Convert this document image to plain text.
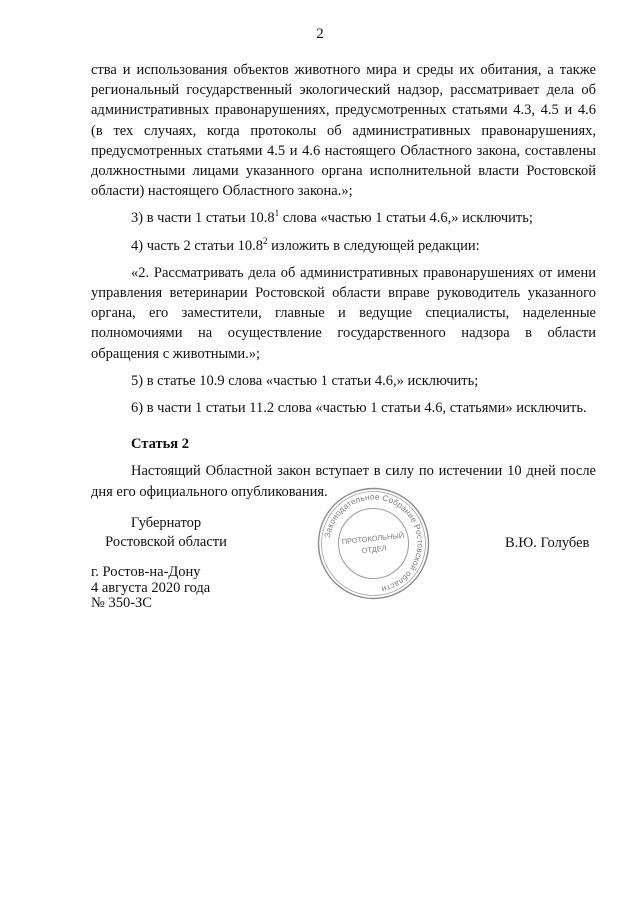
2

ства и использования объектов животного мира и среды их обитания, а также региональный государственный экологический надзор, рассматривает дела об административных правонарушениях, предусмотренных статьями 4.3, 4.5 и 4.6 (в тех случаях, когда протоколы об административных правонарушениях, предусмотренных статьями 4.5 и 4.6 настоящего Областного закона, составлены должностными лицами указанного органа исполнительной власти Ростовской области) настоящего Областного закона.»;

3) в части 1 статьи 10.8$^1$ слова «частью 1 статьи 4.6,» исключить;

4) часть 2 статьи 10.8$^2$ изложить в следующей редакции:

«2. Рассматривать дела об административных правонарушениях от имени управления ветеринарии Ростовской области вправе руководитель указанного органа, его заместители, главные и ведущие специалисты, наделенные полномочиями на осуществление государственного надзора в области обращения с животными.»;

5) в статье 10.9 слова «частью 1 статьи 4.6,» исключить;

6) в части 1 статьи 11.2 слова «частью 1 статьи 4.6, статьями» исключить.

Статья 2

Настоящий Областной закон вступает в силу по истечении 10 дней после дня его официального опубликования.

Губернатор
Ростовской области	В.Ю. Голубев
г. Ростов-на-Дону
4 августа 2020 года
№ 350-ЗС
Законодательное Собрание Ростовской области
ПРОТОКОЛЬНЫЙ
ОТДЕЛ
